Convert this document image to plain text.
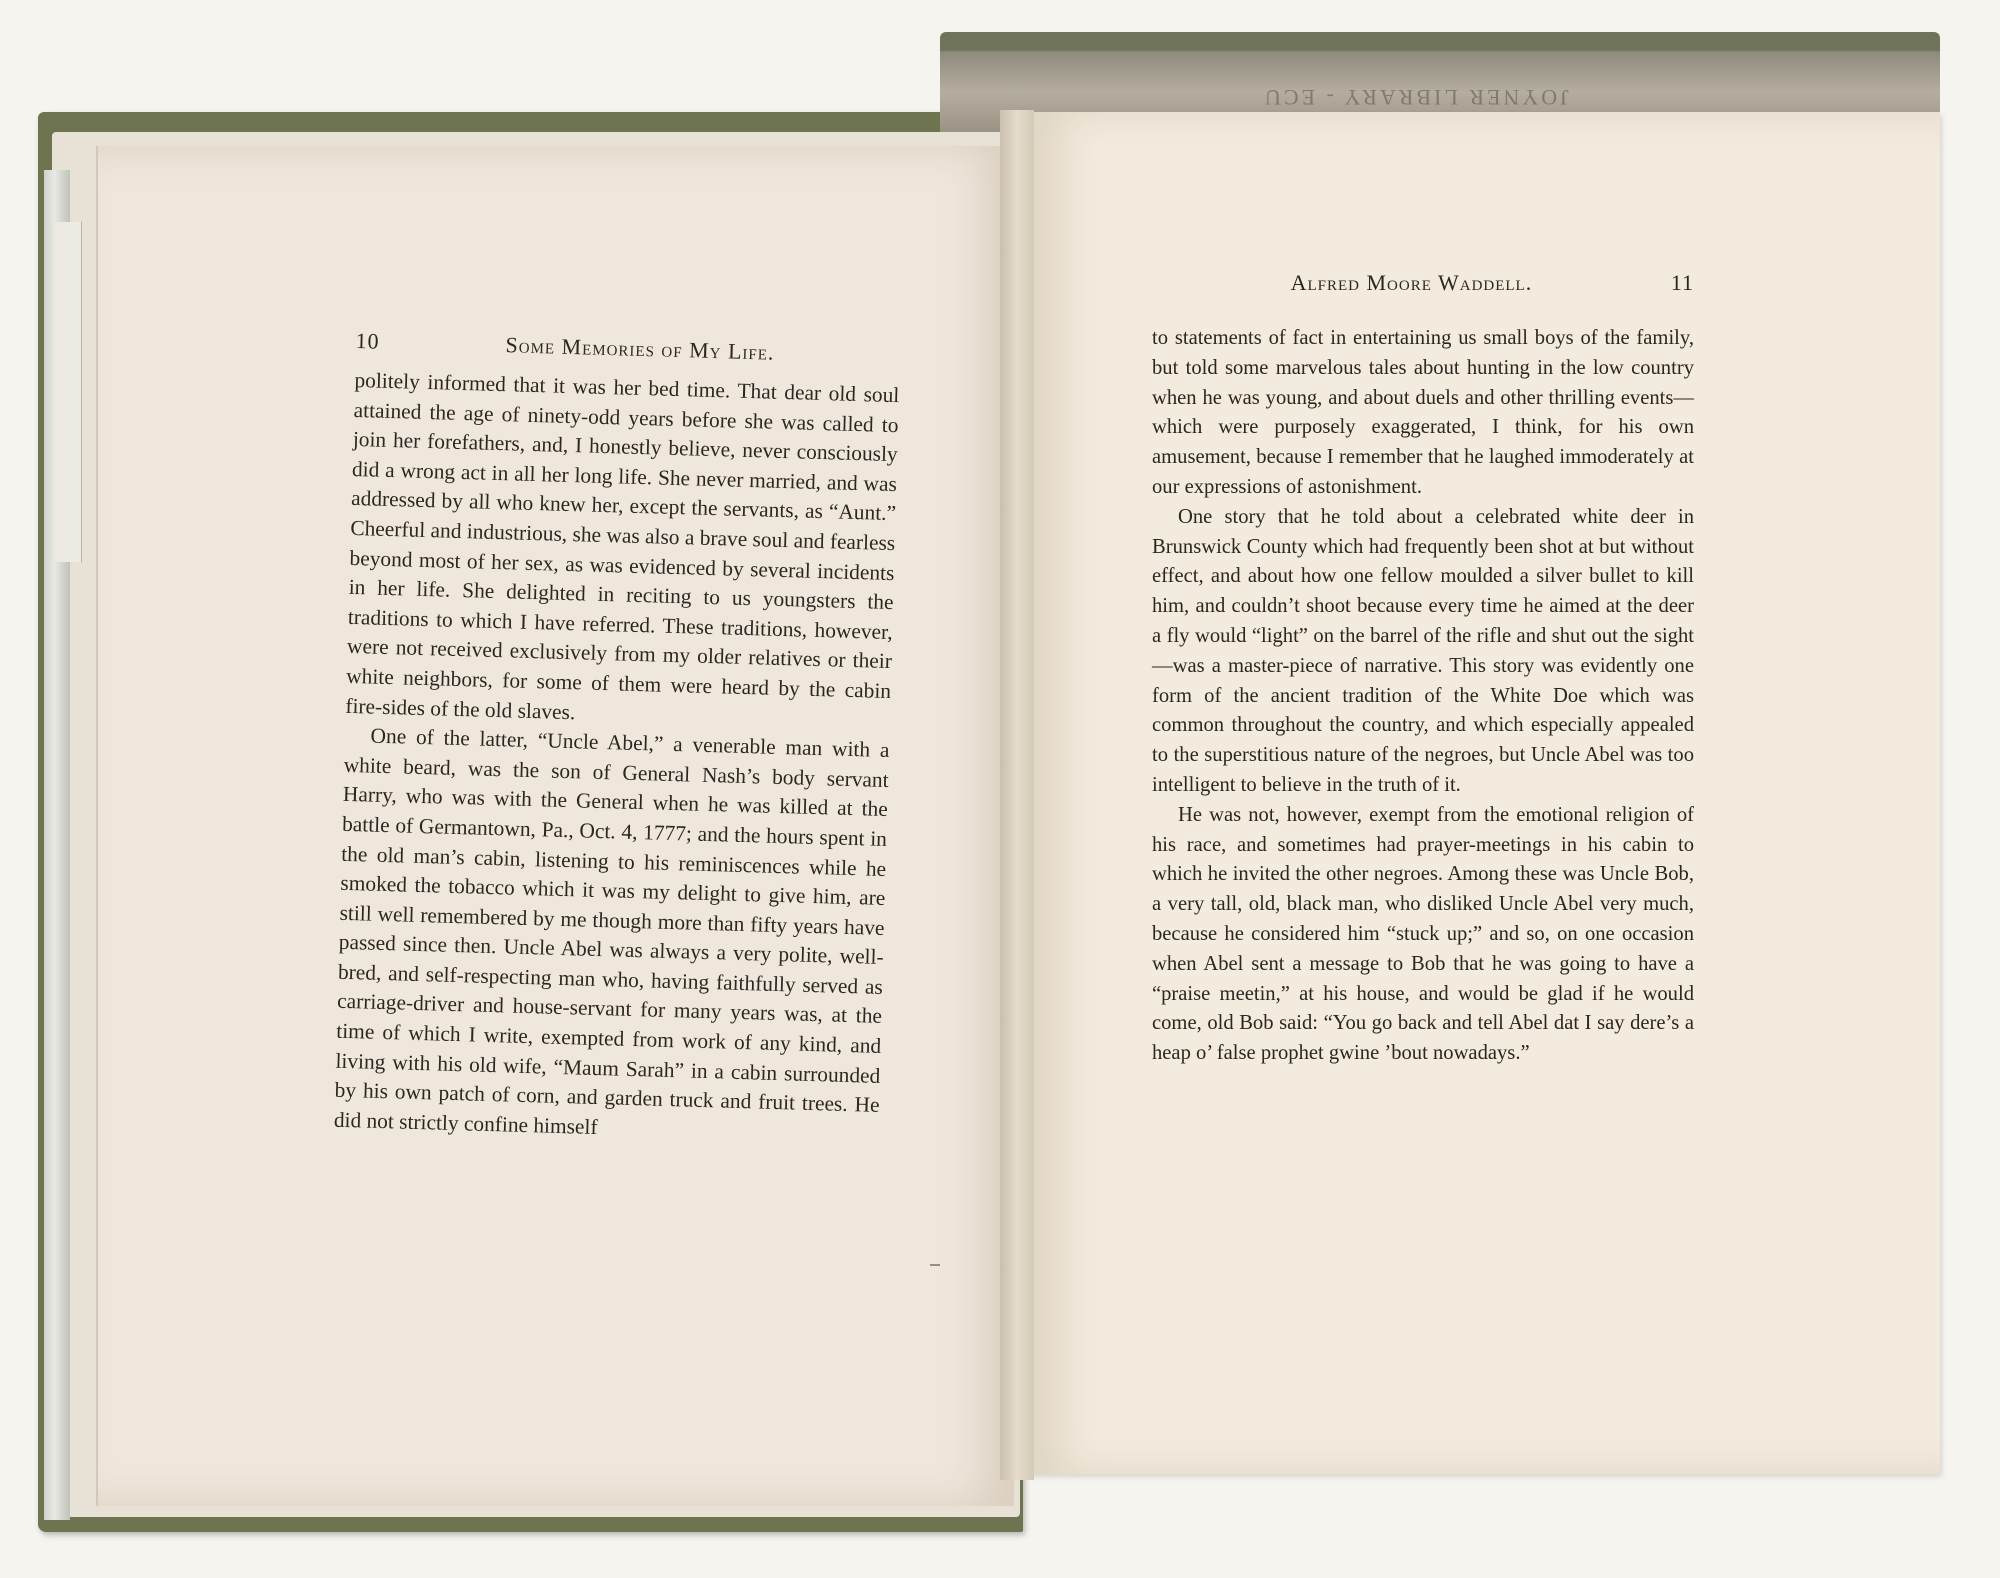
JOYNER LIBRARY - ECU
10	Some Memories of My Life.

politely informed that it was her bed time. That dear old soul attained the age of ninety-odd years before she was called to join her forefathers, and, I honestly believe, never consciously did a wrong act in all her long life. She never married, and was addressed by all who knew her, except the servants, as “Aunt.” Cheerful and industrious, she was also a brave soul and fearless beyond most of her sex, as was evidenced by several incidents in her life. She delighted in reciting to us youngsters the traditions to which I have referred. These traditions, however, were not received exclusively from my older relatives or their white neighbors, for some of them were heard by the cabin fire-sides of the old slaves.

One of the latter, “Uncle Abel,” a venerable man with a white beard, was the son of General Nash’s body servant Harry, who was with the General when he was killed at the battle of Germantown, Pa., Oct. 4, 1777; and the hours spent in the old man’s cabin, listening to his reminiscences while he smoked the tobacco which it was my delight to give him, are still well remembered by me though more than fifty years have passed since then. Uncle Abel was always a very polite, well-bred, and self-respecting man who, having faithfully served as carriage-driver and house-servant for many years was, at the time of which I write, exempted from work of any kind, and living with his old wife, “Maum Sarah” in a cabin surrounded by his own patch of corn, and garden truck and fruit trees. He did not strictly confine himself

Alfred Moore Waddell.	11

to statements of fact in entertaining us small boys of the family, but told some marvelous tales about hunting in the low country when he was young, and about duels and other thrilling events—which were purposely exaggerated, I think, for his own amusement, because I remember that he laughed immoderately at our expressions of astonishment.

One story that he told about a celebrated white deer in Brunswick County which had frequently been shot at but without effect, and about how one fellow moulded a silver bullet to kill him, and couldn’t shoot because every time he aimed at the deer a fly would “light” on the barrel of the rifle and shut out the sight—was a master-piece of narrative. This story was evidently one form of the ancient tradition of the White Doe which was common throughout the country, and which especially appealed to the superstitious nature of the negroes, but Uncle Abel was too intelligent to believe in the truth of it.

He was not, however, exempt from the emotional religion of his race, and sometimes had prayer-meetings in his cabin to which he invited the other negroes. Among these was Uncle Bob, a very tall, old, black man, who disliked Uncle Abel very much, because he considered him “stuck up;” and so, on one occasion when Abel sent a message to Bob that he was going to have a “praise meetin,” at his house, and would be glad if he would come, old Bob said: “You go back and tell Abel dat I say dere’s a heap o’ false prophet gwine ’bout nowadays.”
